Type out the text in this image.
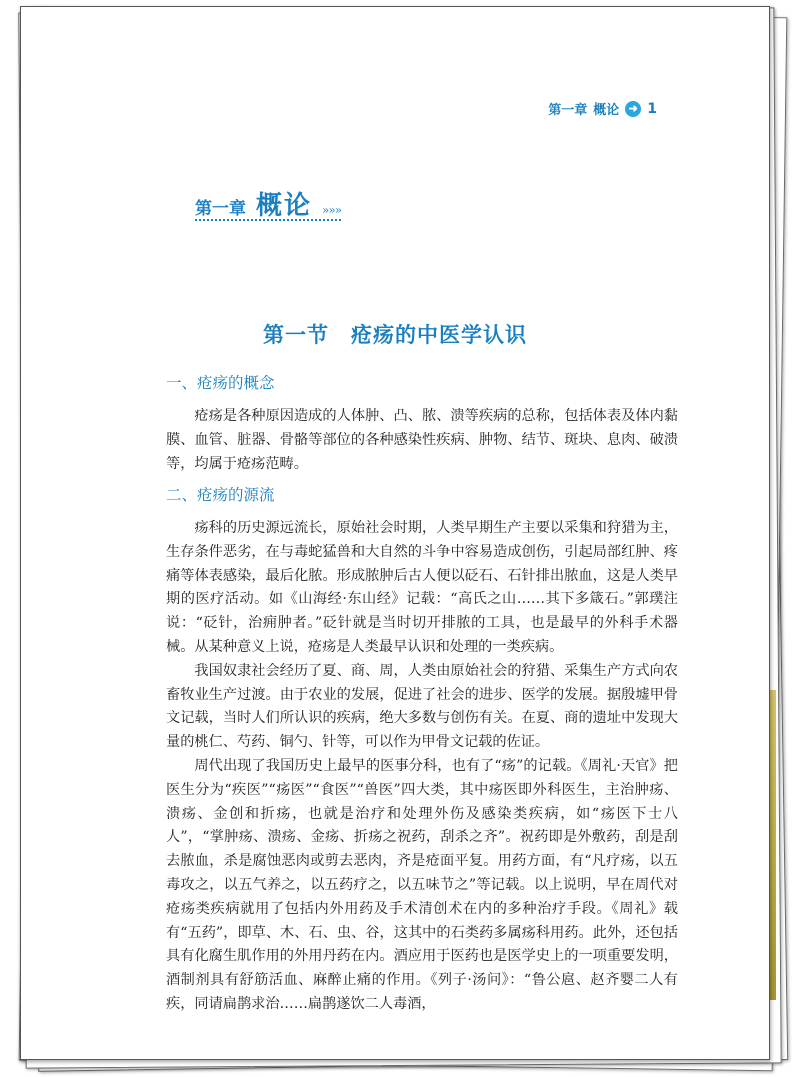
第一章 概论 ➜ 1
第一章 概论 »»»
第一节　疮疡的中医学认识
一、疮疡的概念

疮疡是各种原因造成的人体肿、凸、脓、溃等疾病的总称，包括体表及体内黏膜、血管、脏器、骨骼等部位的各种感染性疾病、肿物、结节、斑块、息肉、破溃等，均属于疮疡范畴。

二、疮疡的源流

疡科的历史源远流长，原始社会时期，人类早期生产主要以采集和狩猎为主，生存条件恶劣，在与毒蛇猛兽和大自然的斗争中容易造成创伤，引起局部红肿、疼痛等体表感染，最后化脓。形成脓肿后古人便以砭石、石针排出脓血，这是人类早期的医疗活动。如《山海经·东山经》记载：“高氏之山……其下多箴石。”郭璞注说：“砭针，治痈肿者。”砭针就是当时切开排脓的工具，也是最早的外科手术器械。从某种意义上说，疮疡是人类最早认识和处理的一类疾病。

我国奴隶社会经历了夏、商、周，人类由原始社会的狩猎、采集生产方式向农畜牧业生产过渡。由于农业的发展，促进了社会的进步、医学的发展。据殷墟甲骨文记载，当时人们所认识的疾病，绝大多数与创伤有关。在夏、商的遗址中发现大量的桃仁、芍药、铜勺、针等，可以作为甲骨文记载的佐证。

周代出现了我国历史上最早的医事分科，也有了“疡”的记载。《周礼·天官》把医生分为“疾医”“疡医”“食医”“兽医”四大类，其中疡医即外科医生，主治肿疡、溃疡、金创和折疡，也就是治疗和处理外伤及感染类疾病，如“疡医下士八人”，“掌肿疡、溃疡、金疡、折疡之祝药，刮杀之齐”。祝药即是外敷药，刮是刮去脓血，杀是腐蚀恶肉或剪去恶肉，齐是疮面平复。用药方面，有“凡疗疡，以五毒攻之，以五气养之，以五药疗之，以五味节之”等记载。以上说明，早在周代对疮疡类疾病就用了包括内外用药及手术清创术在内的多种治疗手段。《周礼》载有“五药”，即草、木、石、虫、谷，这其中的石类药多属疡科用药。此外，还包括具有化腐生肌作用的外用丹药在内。酒应用于医药也是医学史上的一项重要发明，酒制剂具有舒筋活血、麻醉止痛的作用。《列子·汤问》：“鲁公扈、赵齐婴二人有疾，同请扁鹊求治……扁鹊遂饮二人毒酒，
